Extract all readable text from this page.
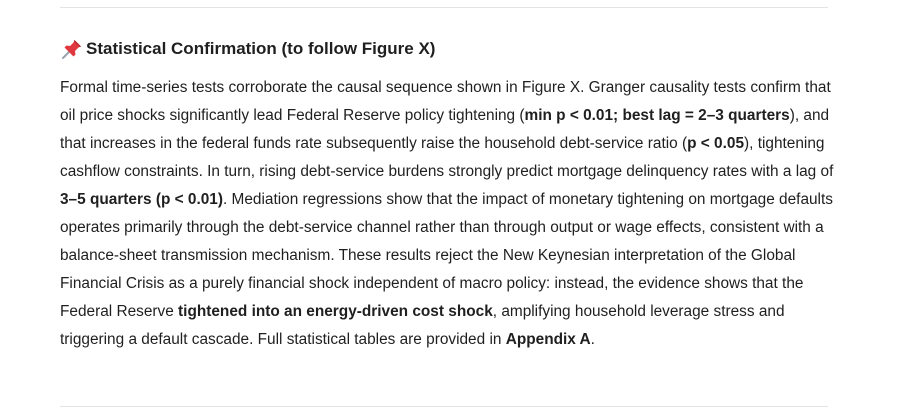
Statistical Confirmation (to follow Figure X)

Formal time-series tests corroborate the causal sequence shown in Figure X. Granger causality tests confirm that oil price shocks significantly lead Federal Reserve policy tightening (min p < 0.01; best lag = 2–3 quarters), and that increases in the federal funds rate subsequently raise the household debt-service ratio (p < 0.05), tightening cashflow constraints. In turn, rising debt-service burdens strongly predict mortgage delinquency rates with a lag of 3–5 quarters (p < 0.01). Mediation regressions show that the impact of monetary tightening on mortgage defaults operates primarily through the debt-service channel rather than through output or wage effects, consistent with a balance-sheet transmission mechanism. These results reject the New Keynesian interpretation of the Global Financial Crisis as a purely financial shock independent of macro policy: instead, the evidence shows that the Federal Reserve tightened into an energy-driven cost shock, amplifying household leverage stress and triggering a default cascade. Full statistical tables are provided in Appendix A.
